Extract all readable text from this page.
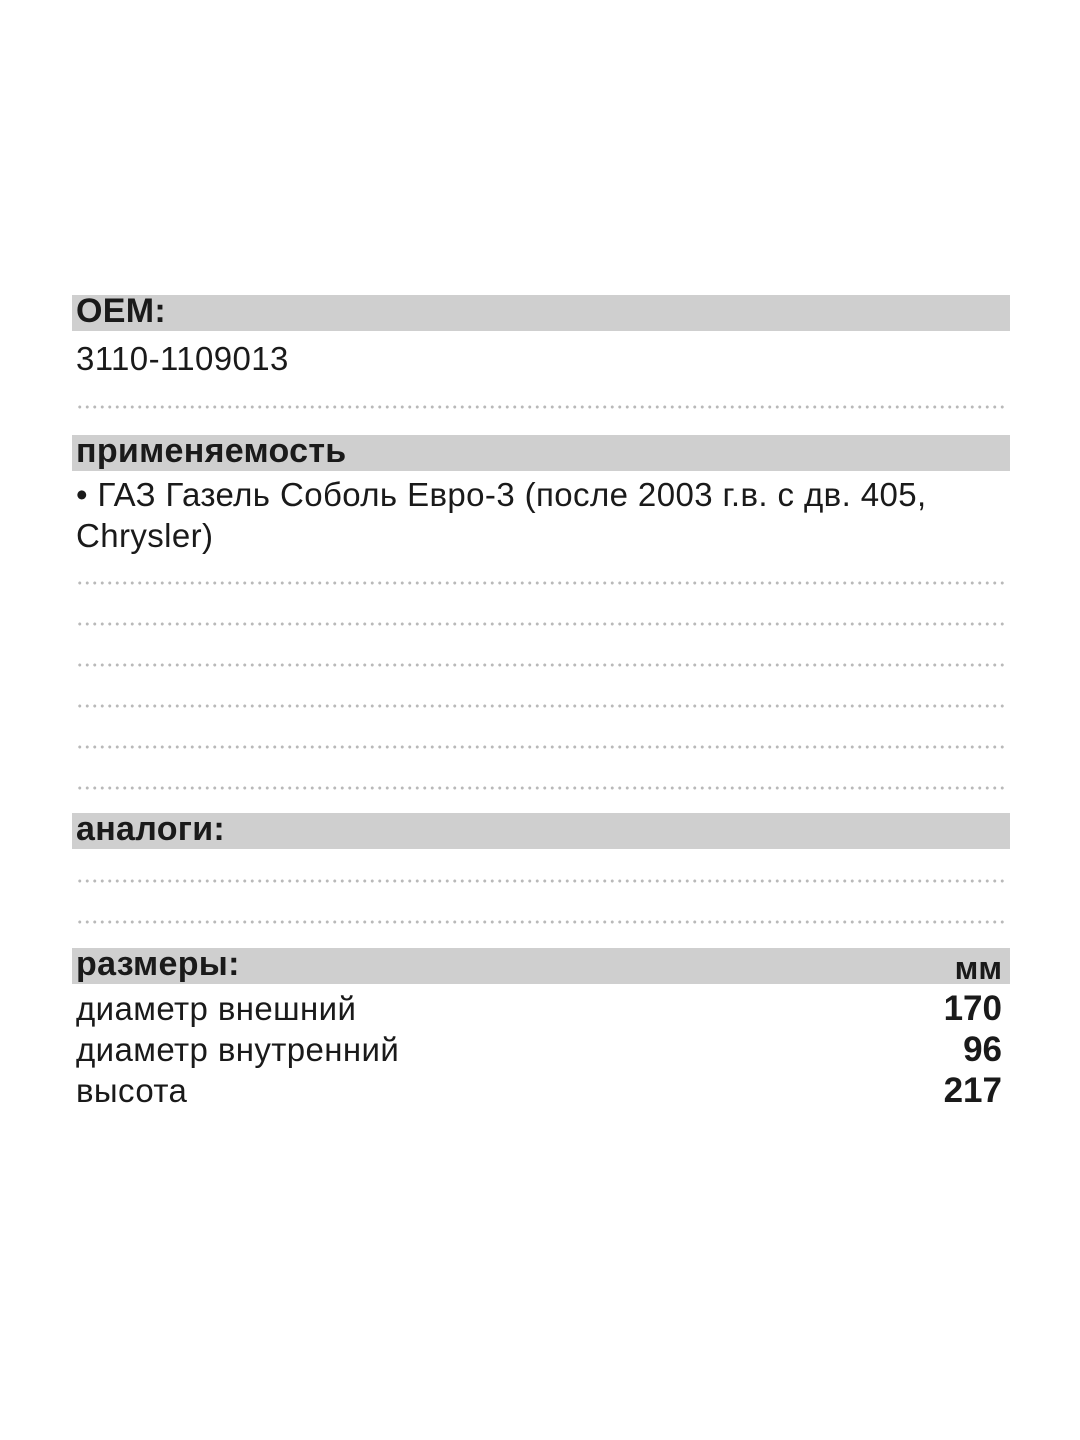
OEM:
3110-1109013
применяемость
• ГАЗ Газель Соболь Евро-3 (после 2003 г.в. с дв. 405, Chrysler)
аналоги:
размеры:	мм
диаметр внешний	170
диаметр внутренний	96
высота	217
